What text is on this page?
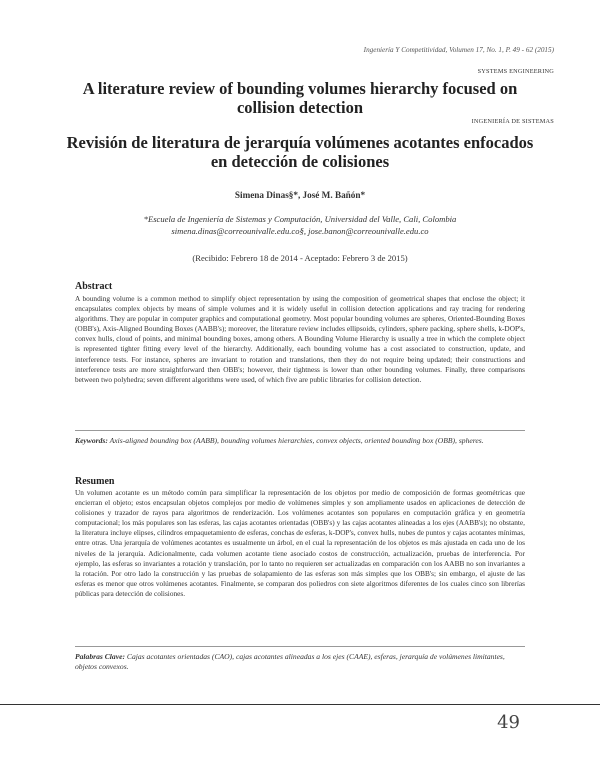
Ingeniería Y Competitividad, Volumen 17, No. 1, P. 49 - 62 (2015)
SYSTEMS ENGINEERING
A literature review of bounding volumes hierarchy focused on collision detection
INGENIERÍA DE SISTEMAS
Revisión de literatura de jerarquía volúmenes acotantes enfocados en detección de colisiones
Simena Dinas§*, José M. Bañón*
*Escuela de Ingeniería de Sistemas y Computación, Universidad del Valle, Cali, Colombia
simena.dinas@correounivalle.edu.co§, jose.banon@correounivalle.edu.co
(Recibido: Febrero 18 de 2014 - Aceptado: Febrero 3 de 2015)
Abstract
A bounding volume is a common method to simplify object representation by using the composition of geometrical shapes that enclose the object; it encapsulates complex objects by means of simple volumes and it is widely useful in collision detection applications and ray tracing for rendering algorithms. They are popular in computer graphics and computational geometry. Most popular bounding volumes are spheres, Oriented-Bounding Boxes (OBB's), Axis-Aligned Bounding Boxes (AABB's); moreover, the literature review includes ellipsoids, cylinders, sphere packing, sphere shells, k-DOP's, convex hulls, cloud of points, and minimal bounding boxes, among others. A Bounding Volume Hierarchy is usually a tree in which the complete object is represented tighter fitting every level of the hierarchy. Additionally, each bounding volume has a cost associated to construction, update, and interference tests. For instance, spheres are invariant to rotation and translations, then they do not require being updated; their constructions and interference tests are more straightforward then OBB's; however, their tightness is lower than other bounding volumes. Finally, three comparisons between two polyhedra; seven different algorithms were used, of which five are public libraries for collision detection.
Keywords: Axis-aligned bounding box (AABB), bounding volumes hierarchies, convex objects, oriented bounding box (OBB), spheres.
Resumen
Un volumen acotante es un método común para simplificar la representación de los objetos por medio de composición de formas geométricas que encierran el objeto; estos encapsulan objetos complejos por medio de volúmenes simples y son ampliamente usados en aplicaciones de detección de colisiones y trazador de rayos para algoritmos de renderización. Los volúmenes acotantes son populares en computación gráfica y en geometría computacional; los más populares son las esferas, las cajas acotantes orientadas (OBB's) y las cajas acotantes alineadas a los ejes (AABB's); no obstante, la literatura incluye elipses, cilindros empaquetamiento de esferas, conchas de esferas, k-DOP's, convex hulls, nubes de puntos y cajas acotantes mínimas, entre otras. Una jerarquía de volúmenes acotantes es usualmente un árbol, en el cual la representación de los objetos es más ajustada en cada uno de los niveles de la jerarquía. Adicionalmente, cada volumen acotante tiene asociado costos de construcción, actualización, pruebas de interferencia. Por ejemplo, las esferas so invariantes a rotación y translación, por lo tanto no requieren ser actualizadas en comparación con los AABB no son invariantes a la rotación. Por otro lado la construcción y las pruebas de solapamiento de las esferas son más simples que los OBB's; sin embargo, el ajuste de las esferas es menor que otros volúmenes acotantes. Finalmente, se comparan dos poliedros con siete algoritmos diferentes de los cuales cinco son librerías públicas para detección de colisiones.
Palabras Clave: Cajas acotantes orientadas (CAO), cajas acotantes alineadas a los ejes (CAAE), esferas, jerarquía de volúmenes limitantes, objetos convexos.
49
